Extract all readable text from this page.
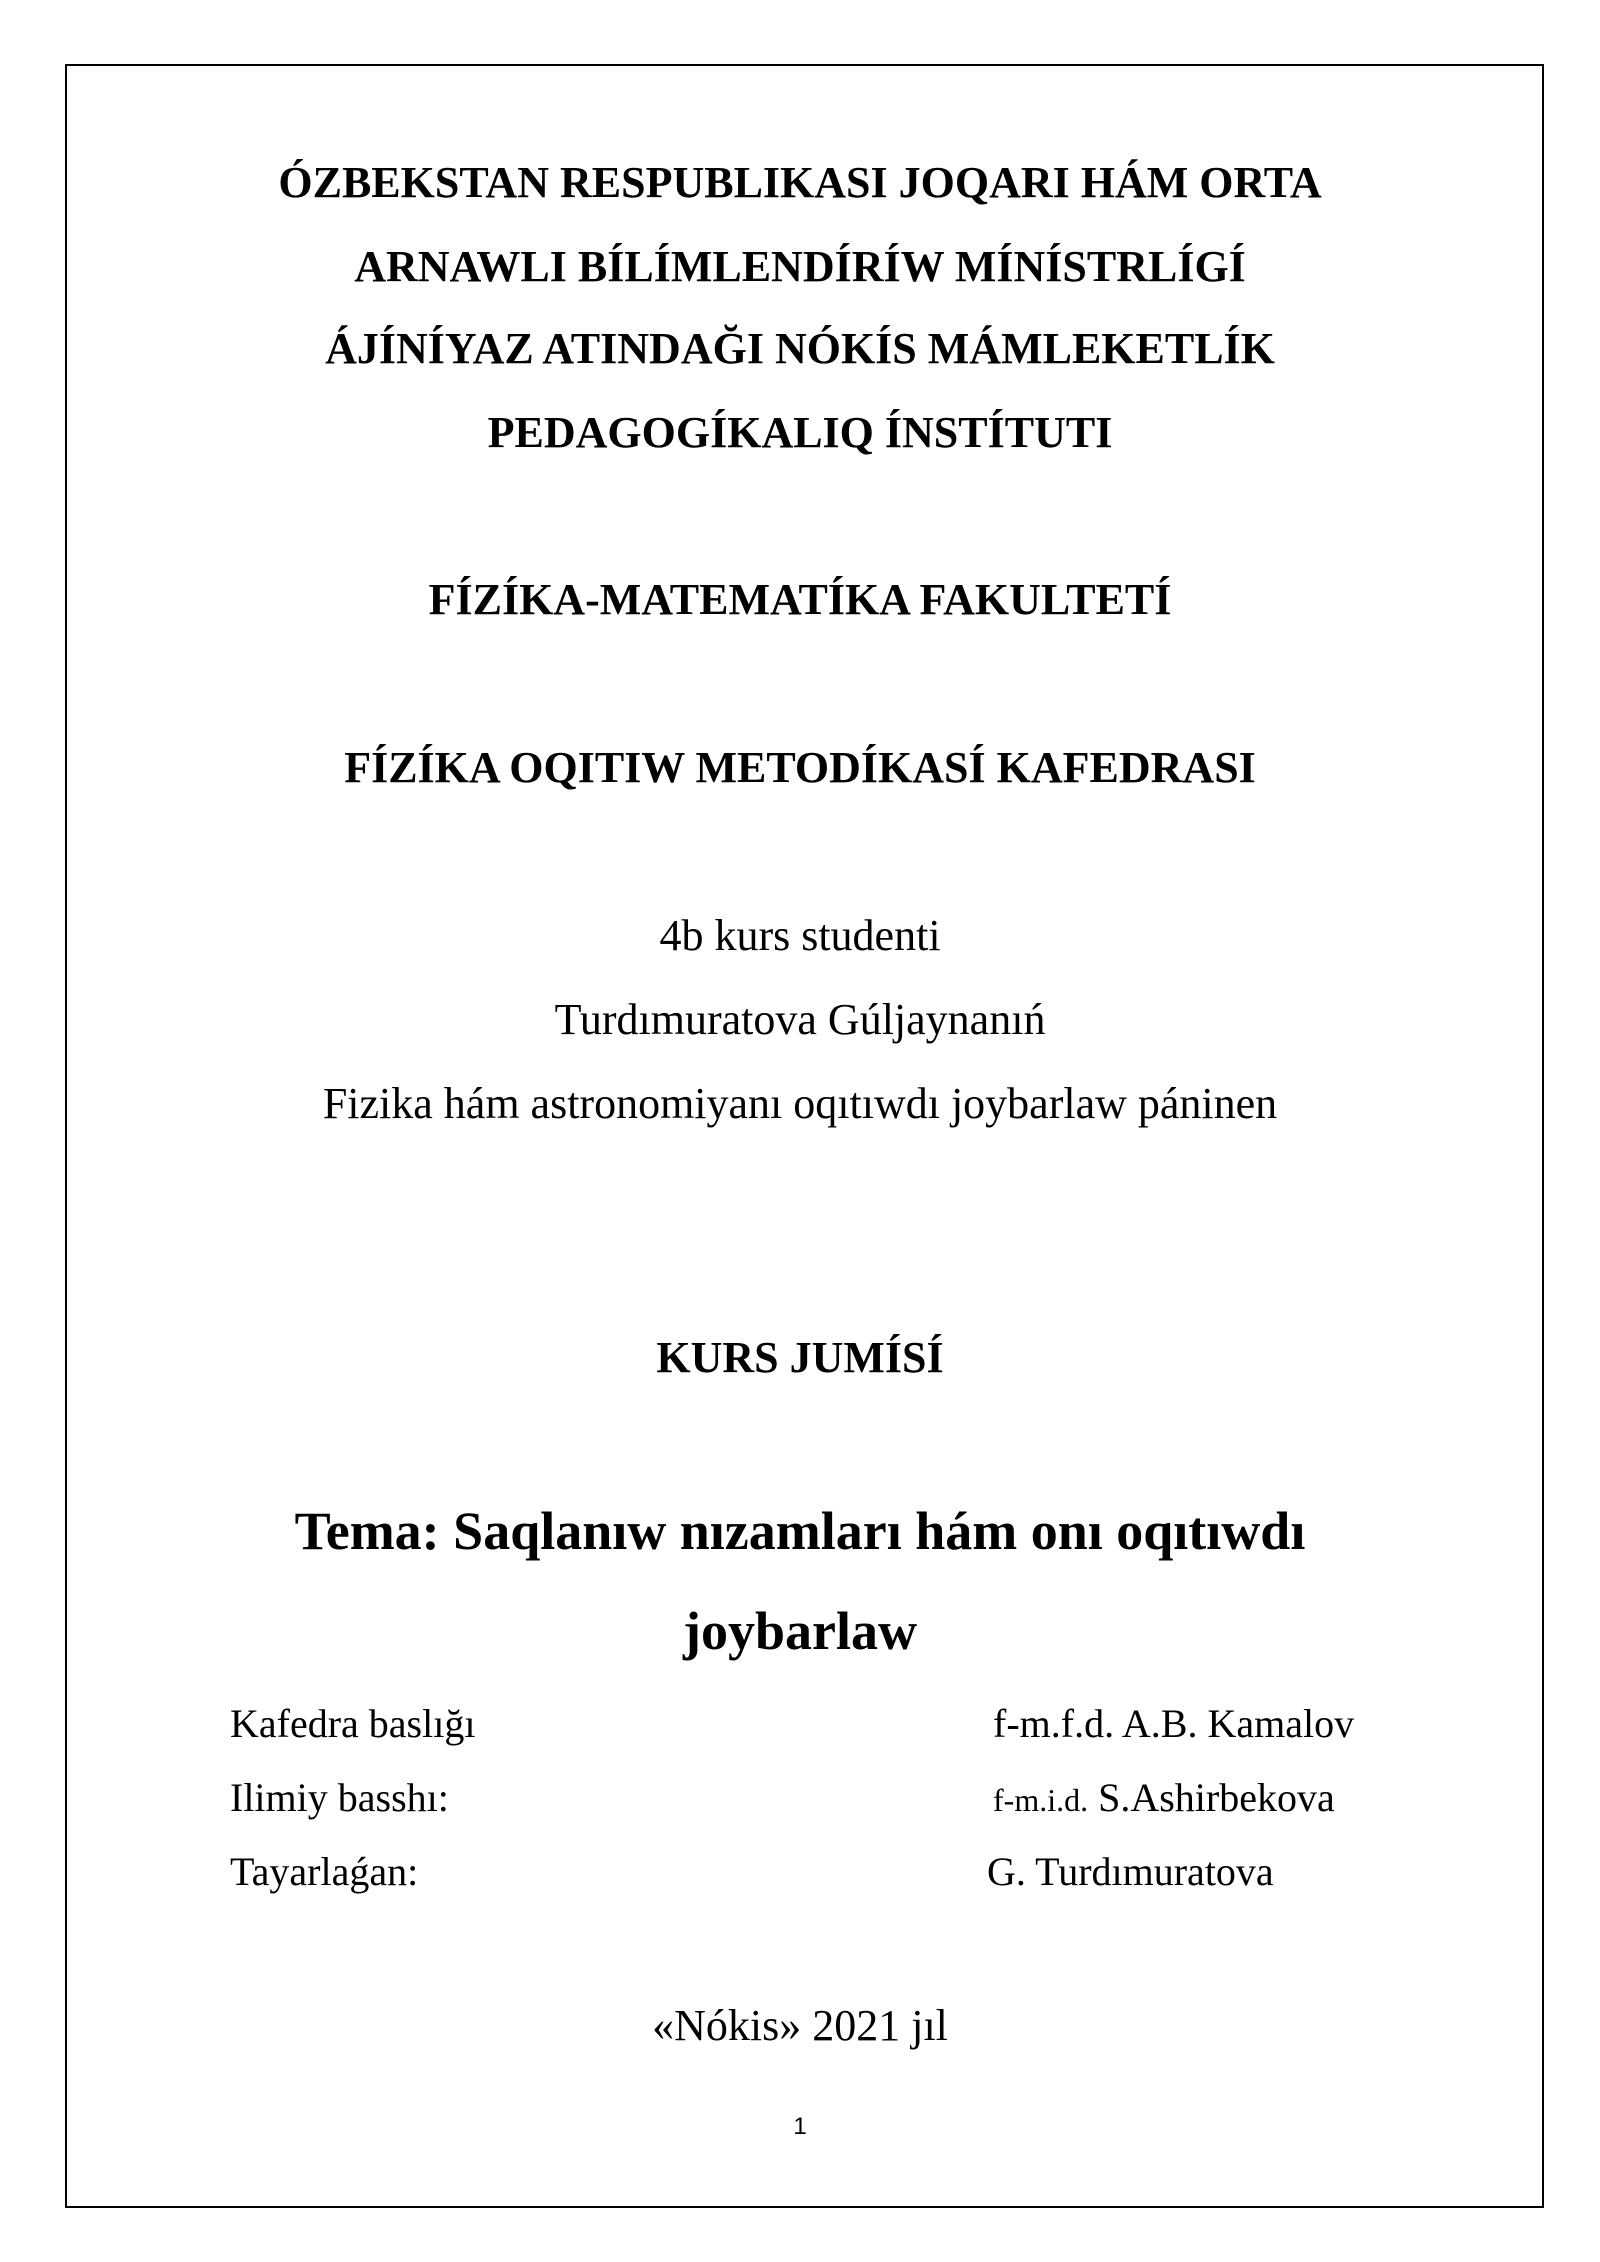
ÓZBEKSTAN RESPUBLIKASI JOQARI HÁM ORTA
ARNAWLI BÍLÍMLENDÍRÍW MÍNÍSTRLÍGÍ
ÁJÍNÍYAZ ATINDAĞI NÓKÍS MÁMLEKETLÍK
PEDAGOGÍKALIQ ÍNSTÍTUTI
FÍZÍKA-MATEMATÍKA FAKULTETÍ
FÍZÍKA OQITIW METODÍKASÍ KAFEDRASI
4b kurs studenti
Turdımuratova Gúljaynanıń
Fizika hám astronomiyanı oqıtıwdı joybarlaw páninen
KURS JUMÍSÍ
Tema: Saqlanıw nızamları hám onı oqıtıwdı
joybarlaw
Kafedra baslığı	f-m.f.d. A.B. Kamalov
Ilimiy basshı:	f-m.i.d. S.Ashirbekova
Tayarlaǵan:	G. Turdımuratova
«Nókis» 2021 jıl
1
